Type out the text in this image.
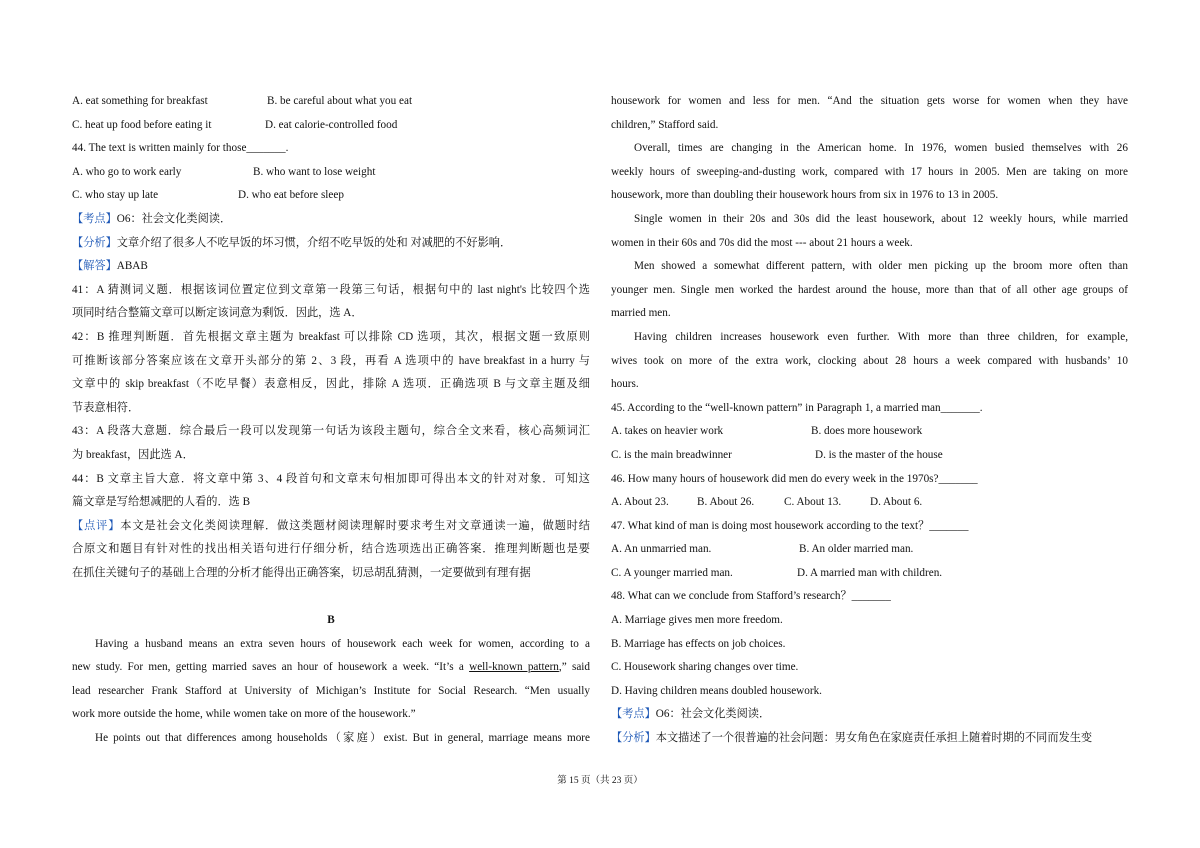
A. eat something for breakfast	B. be careful about what you eat
C. heat up food before eating it	D. eat calorie-controlled food
44. The text is written mainly for those_______.
A. who go to work early	B. who want to lose weight
C. who stay up late	D. who eat before sleep
【考点】O6：社会文化类阅读．
【分析】文章介绍了很多人不吃早饭的坏习惯，介绍不吃早饭的处和 对减肥的不好影响．
【解答】ABAB
41：A 猜测词义题．根据该词位置定位到文章第一段第三句话，根据句中的 last night's 比较四个选
项同时结合整篇文章可以断定该词意为剩饭．因此，选 A．
42：B 推理判断题．首先根据文章主题为 breakfast 可以排除 CD 选项，其次，根据文题一致原则
可推断该部分答案应该在文章开头部分的第 2、3 段，再看 A 选项中的 have breakfast in a hurry 与
文章中的 skip breakfast（不吃早餐）表意相反，因此，排除 A 选项．正确选项 B 与文章主题及细
节表意相符．
43：A 段落大意题．综合最后一段可以发现第一句话为该段主题句，综合全文来看，核心高频词汇
为 breakfast，因此选 A．
44：B 文章主旨大意．将文章中第 3、4 段首句和文章末句相加即可得出本文的针对对象．可知这
篇文章是写给想减肥的人看的．选 B
【点评】本文是社会文化类阅读理解．做这类题材阅读理解时要求考生对文章通读一遍，做题时结
合原文和题目有针对性的找出相关语句进行仔细分析，结合选项选出正确答案．推理判断题也是要
在抓住关键句子的基础上合理的分析才能得出正确答案，切忌胡乱猜测，一定要做到有理有据
B
Having a husband means an extra seven hours of housework each week for women, according to a
new study. For men, getting married saves an hour of housework a week. “It’s a well-known pattern,” said
lead researcher Frank Stafford at University of Michigan’s Institute for Social Research. “Men usually
work more outside the home, while women take on more of the housework.”
He points out that differences among households（家庭）exist. But in general, marriage means more
housework for women and less for men. “And the situation gets worse for women when they have
children,” Stafford said.
Overall, times are changing in the American home. In 1976, women busied themselves with 26
weekly hours of sweeping-and-dusting work, compared with 17 hours in 2005. Men are taking on more
housework, more than doubling their housework hours from six in 1976 to 13 in 2005.
Single women in their 20s and 30s did the least housework, about 12 weekly hours, while married
women in their 60s and 70s did the most --- about 21 hours a week.
Men showed a somewhat different pattern, with older men picking up the broom more often than
younger men. Single men worked the hardest around the house, more than that of all other age groups of
married men.
Having children increases housework even further. With more than three children, for example,
wives took on more of the extra work, clocking about 28 hours a week compared with husbands’ 10
hours.
45. According to the “well-known pattern” in Paragraph 1, a married man_______.
A. takes on heavier work	B. does more housework
C. is the main breadwinner	D. is the master of the house
46. How many hours of housework did men do every week in the 1970s?_______
A. About 23.	B. About 26.	C. About 13.	D. About 6.
47. What kind of man is doing most housework according to the text？_______
A. An unmarried man.	B. An older married man.
C. A younger married man.	D. A married man with children.
48. What can we conclude from Stafford’s research？_______
A. Marriage gives men more freedom.
B. Marriage has effects on job choices.
C. Housework sharing changes over time.
D. Having children means doubled housework.
【考点】O6：社会文化类阅读．
【分析】本文描述了一个很普遍的社会问题：男女角色在家庭责任承担上随着时期的不同而发生变
第 15 页（共 23 页）
